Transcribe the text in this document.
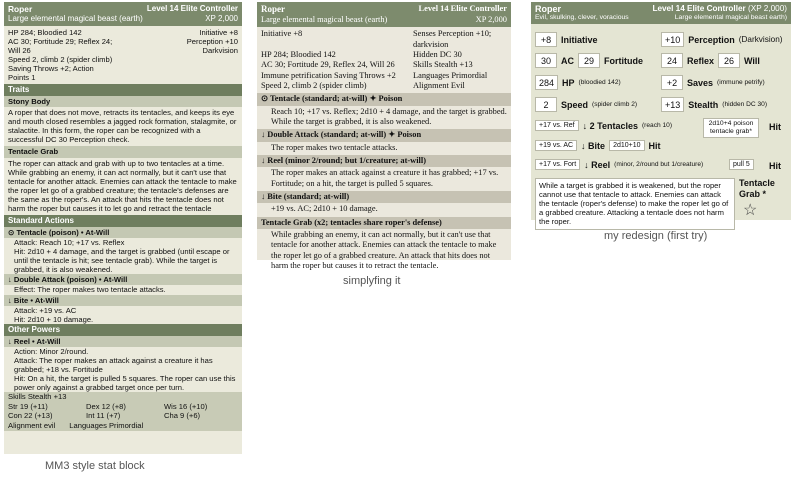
Roper	Level 14 Elite Controller
Large elemental magical beast (earth)	XP 2,000
HP 284; Bloodied 142	Initiative +8
AC 30; Fortitude 29; Reflex 24;	Perception +10
Will 26	Darkvision
Speed 2, climb 2 (spider climb)
Saving Throws +2; Action
Points 1
Traits
Stony Body
A roper that does not move, retracts its tentacles, and keeps its eye and mouth closed resembles a jagged rock formation, stalagmite, or stalactite. In this form, the roper can be recognized with a successful DC 30 Perception check.
Tentacle Grab
The roper can attack and grab with up to two tentacles at a time. While grabbing an enemy, it can act normally, but it can't use that tentacle for another attack. Enemies can attack the tentacle to make the roper let go of a grabbed creature; the tentacle's defenses are the same as the roper's. An attack that hits the tentacle does not harm the roper but causes it to let go and retract the tentacle
Standard Actions
⊙ Tentacle (poison) • At-Will
Attack: Reach 10; +17 vs. Reflex
Hit: 2d10 + 4 damage, and the target is grabbed (until escape or until the tentacle is hit; see tentacle grab). While the target is grabbed, it is also weakened.
↓ Double Attack (poison) • At-Will
Effect: The roper makes two tentacle attacks.
↓ Bite • At-Will
Attack: +19 vs. AC
Hit: 2d10 + 10 damage.
Other Powers
↓ Reel • At-Will
Action: Minor 2/round.
Attack: The roper makes an attack against a creature it has grabbed; +18 vs. Fortitude
Hit: On a hit, the target is pulled 5 squares. The roper can use this power only against a grabbed target once per turn.
Skills Stealth +13
Str 19 (+11)	Dex 12 (+8)	Wis 16 (+10)
Con 22 (+13)	Int 11 (+7)	Cha 9 (+6)
Alignment evil Languages Primordial
MM3 style stat block
Roper	Level 14 Elite Controller
Large elemental magical beast (earth)	XP 2,000
Initiative +8	Senses Perception +10; darkvision
HP 284; Bloodied 142	Hidden DC 30
AC 30; Fortitude 29, Reflex 24, Will 26	Skills Stealth +13
Immune petrification Saving Throws +2	Languages Primordial
Speed 2, climb 2 (spider climb)	Alignment Evil
⊙ Tentacle (standard; at-will) ✦ Poison
Reach 10; +17 vs. Reflex; 2d10 + 4 damage, and the target is grabbed. While the target is grabbed, it is also weakened.
↓ Double Attack (standard; at-will) ✦ Poison
The roper makes two tentacle attacks.
↓ Reel (minor 2/round; but 1/creature; at-will)
The roper makes an attack against a creature it has grabbed; +17 vs. Fortitude; on a hit, the target is pulled 5 squares.
↓ Bite (standard; at-will)
+19 vs. AC; 2d10 + 10 damage.
Tentacle Grab (x2; tentacles share roper's defense)
While grabbing an enemy, it can act normally, but it can't use that tentacle for another attack. Enemies can attack the tentacle to make the roper let go of a grabbed creature. An attack that hits does not harm the roper but causes it to retract the tentacle.
simplyfing it
Roper	Level 14 Elite Controller (XP 2,000)
Evil, skulking, clever, voracious	Large elemental magical beast earth)
+8	Initiative	+10 Perception (Darkvision)
30	AC	29	Fortitude	24	Reflex	26	Will
284 HP (bloodied 142)	+2	Saves (immune petrify)
2	Speed (spider climb 2)	+13 Stealth (hidden DC 30)
+17 vs. Ref ↓ 2 Tentacles (reach 10)	2d10+4 poison tentacle grab*	Hit
+19 vs. AC ↓ Bite	2d10+10 Hit
+17 vs. Fort ↓ Reel (minor, 2/round but 1/creature)	pull 5	Hit
While a target is grabbed it is weakened, but the roper cannot use that tentacle to attack. Enemies can attack the tentacle (roper's defense) to make the roper let go of a grabbed creature. Attacking a tentacle does not harm the roper.
Tentacle Grab *
☆
my redesign (first try)
